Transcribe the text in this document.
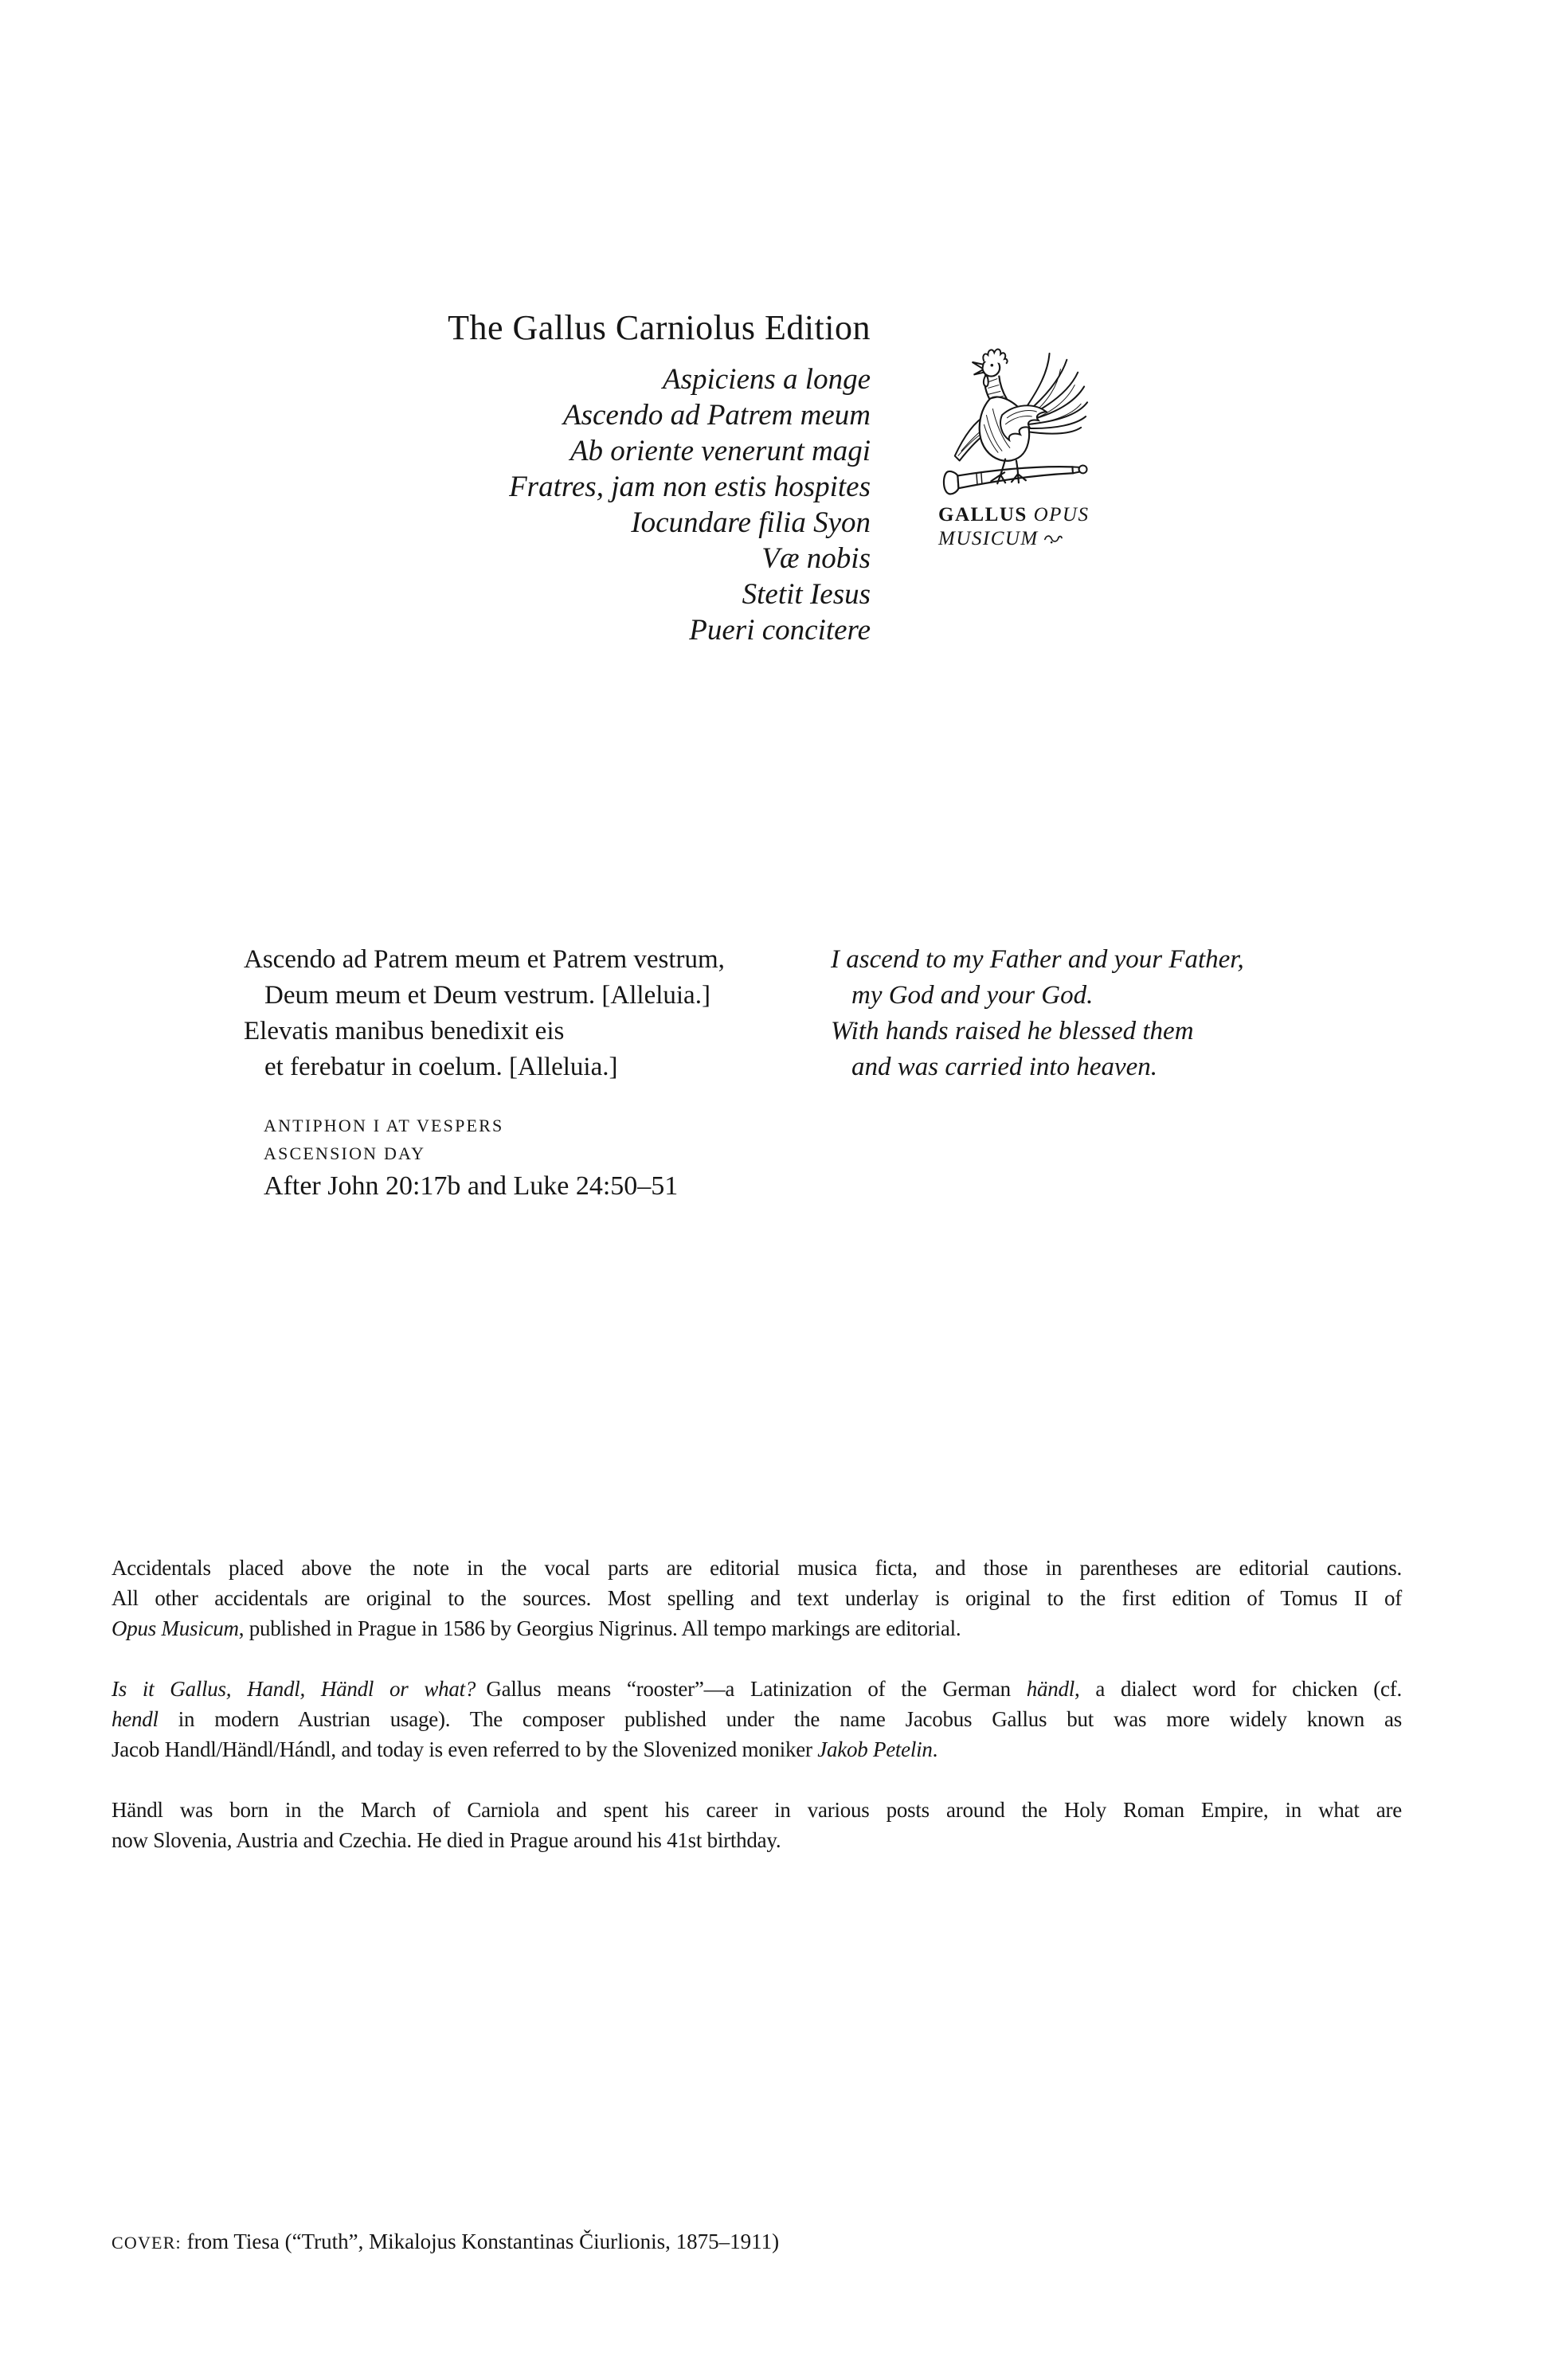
The Gallus Carniolus Edition
Aspiciens a longe
Ascendo ad Patrem meum
Ab oriente venerunt magi
Fratres, jam non estis hospites
Iocundare filia Syon
Væ nobis
Stetit Iesus
Pueri concitere
GALLUS OPUS
MUSICUM
Ascendo ad Patrem meum et Patrem vestrum,
Deum meum et Deum vestrum. [Alleluia.]
Elevatis manibus benedixit eis
et ferebatur in coelum. [Alleluia.]
I ascend to my Father and your Father,
my God and your God.
With hands raised he blessed them
and was carried into heaven.
ANTIPHON I AT VESPERS
ASCENSION DAY
After John 20:17b and Luke 24:50–51
Accidentals placed above the note in the vocal parts are editorial musica ficta, and those in parentheses are editorial cautions.
All other accidentals are original to the sources. Most spelling and text underlay is original to the first edition of Tomus II of
Opus Musicum, published in Prague in 1586 by Georgius Nigrinus. All tempo markings are editorial.
Is it Gallus, Handl, Händl or what? Gallus means “rooster”—a Latinization of the German händl, a dialect word for chicken (cf.
hendl in modern Austrian usage). The composer published under the name Jacobus Gallus but was more widely known as
Jacob Handl/Händl/Hándl, and today is even referred to by the Slovenized moniker Jakob Petelin.
Händl was born in the March of Carniola and spent his career in various posts around the Holy Roman Empire, in what are
now Slovenia, Austria and Czechia. He died in Prague around his 41st birthday.
COVER: from Tiesa (“Truth”, Mikalojus Konstantinas Čiurlionis, 1875–1911)
